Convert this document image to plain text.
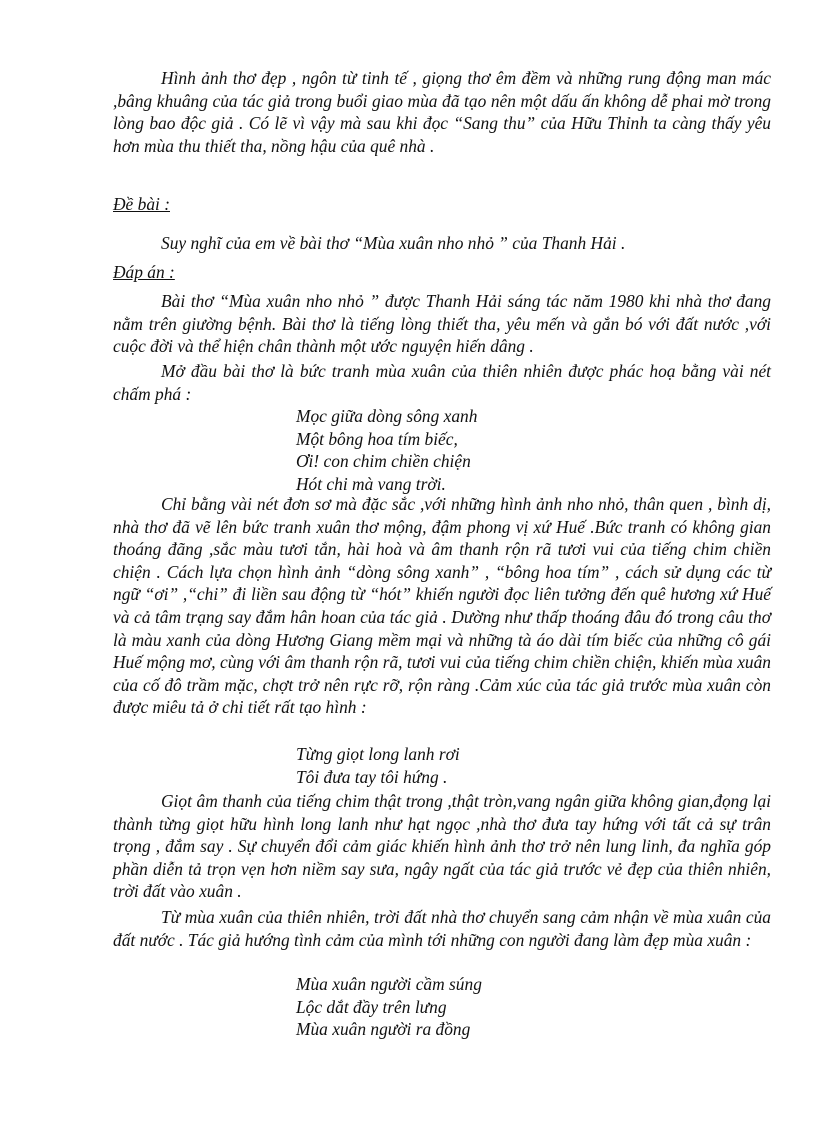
Hình ảnh thơ đẹp , ngôn từ tinh tế , giọng thơ êm đềm và những rung động man mác ,bâng khuâng của tác giả trong buổi giao mùa đã tạo nên một dấu ấn không dễ phai mờ trong lòng bao độc giả . Có lẽ vì vậy mà sau khi đọc “Sang thu” của Hữu Thỉnh ta càng thấy yêu hơn mùa thu thiết tha, nồng hậu của quê nhà .

Đề bài :

Suy nghĩ của em về bài thơ “Mùa xuân nho nhỏ ” của Thanh Hải .

Đáp án :

Bài thơ “Mùa xuân nho nhỏ ” được Thanh Hải sáng tác năm 1980 khi nhà thơ đang nằm trên giường bệnh. Bài thơ là tiếng lòng thiết tha, yêu mến và gắn bó với đất nước ,với cuộc đời và thể hiện chân thành một ước nguyện hiến dâng .

Mở đầu bài thơ là bức tranh mùa xuân của thiên nhiên được phác hoạ bằng vài nét chấm phá :

Mọc giữa dòng sông xanh
Một bông hoa tím biếc,
Ơi! con chim chiền chiện
Hót chi mà vang trời.

Chỉ bằng vài nét đơn sơ mà đặc sắc ,với những hình ảnh nho nhỏ, thân quen , bình dị, nhà thơ đã vẽ lên bức tranh xuân thơ mộng, đậm phong vị xứ Huế .Bức tranh có không gian thoáng đãng ,sắc màu tươi tắn, hài hoà và âm thanh rộn rã tươi vui của tiếng chim chiền chiện . Cách lựa chọn hình ảnh “dòng sông xanh” , “bông hoa tím” , cách sử dụng các từ ngữ “ơi” ,“chi” đi liền sau động từ “hót” khiến người đọc liên tưởng đến quê hương xứ Huế và cả tâm trạng say đắm hân hoan của tác giả . Dường như thấp thoáng đâu đó trong câu thơ là màu xanh của dòng Hương Giang mềm mại và những tà áo dài tím biếc của những cô gái Huế mộng mơ, cùng với âm thanh rộn rã, tươi vui của tiếng chim chiền chiện, khiến mùa xuân của cố đô trầm mặc, chợt trở nên rực rỡ, rộn ràng .Cảm xúc của tác giả trước mùa xuân còn được miêu tả ở chi tiết rất tạo hình :

Từng giọt long lanh rơi
Tôi đưa tay tôi hứng .

Giọt âm thanh của tiếng chim thật trong ,thật tròn,vang ngân giữa không gian,đọng lại thành từng giọt hữu hình long lanh như hạt ngọc ,nhà thơ đưa tay hứng với tất cả sự trân trọng , đắm say . Sự chuyển đổi cảm giác khiến hình ảnh thơ trở nên lung linh, đa nghĩa góp phần diễn tả trọn vẹn hơn niềm say sưa, ngây ngất của tác giả trước vẻ đẹp của thiên nhiên, trời đất vào xuân .

Từ mùa xuân của thiên nhiên, trời đất nhà thơ chuyển sang cảm nhận về mùa xuân của đất nước . Tác giả hướng tình cảm của mình tới những con người đang làm đẹp mùa xuân :

Mùa xuân người cầm súng
Lộc dắt đầy trên lưng
Mùa xuân người ra đồng
